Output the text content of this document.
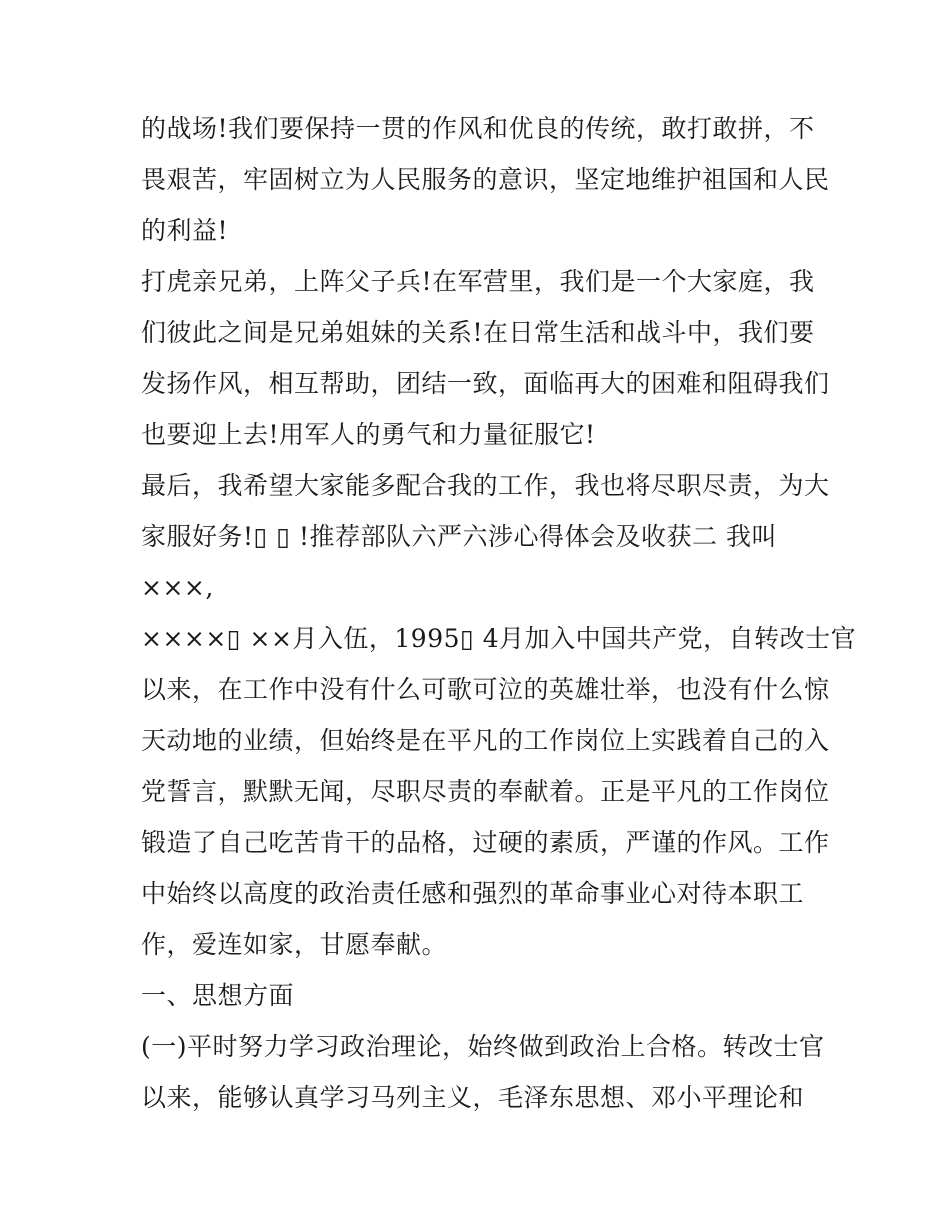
的战场!我们要保持一贯的作风和优良的传统，敢打敢拼，不
畏艰苦，牢固树立为人民服务的意识，坚定地维护祖国和人民
的利益!
打虎亲兄弟，上阵父子兵!在军营里，我们是一个大家庭，我
们彼此之间是兄弟姐妹的关系!在日常生活和战斗中，我们要
发扬作风，相互帮助，团结一致，面临再大的困难和阻碍我们
也要迎上去!用军人的勇气和力量征服它!
最后，我希望大家能多配合我的工作，我也将尽职尽责，为大
家服好务!▯ ▯ !推荐部队六严六涉心得体会及收获二 我叫
×××,
××××▯ ××月入伍，1995▯ 4月加入中国共产党，自转改士官
以来，在工作中没有什么可歌可泣的英雄壮举，也没有什么惊
天动地的业绩，但始终是在平凡的工作岗位上实践着自己的入
党誓言，默默无闻，尽职尽责的奉献着。正是平凡的工作岗位
锻造了自己吃苦肯干的品格，过硬的素质，严谨的作风。工作
中始终以高度的政治责任感和强烈的革命事业心对待本职工
作，爱连如家，甘愿奉献。
一、思想方面
(一)平时努力学习政治理论，始终做到政治上合格。转改士官
以来，能够认真学习马列主义，毛泽东思想、邓小平理论和
